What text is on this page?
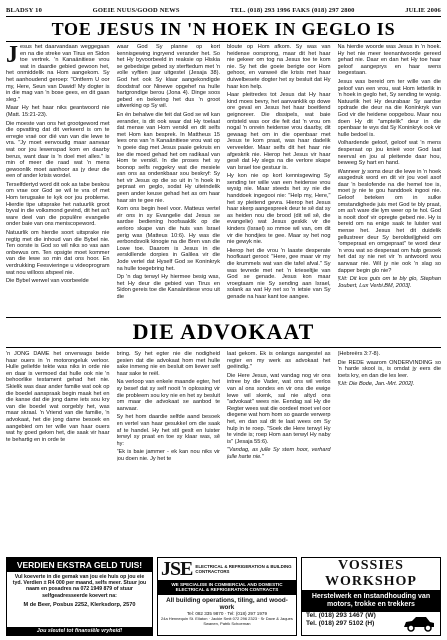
BLADSY 10	GOEIE NUUS/GOOD NEWS	TEL. (018) 293 1996 FAKS (018) 297 2800	JULIE 2006
TOE JESUS IN 'N HOEK IN GEGLO IS

Jesus het daarvandaan weggegaan en na die streke van Tirus en Sidon toe vertrek. 'n Kanaänitiese vrou wat in daardie gebied gewoon het, het onmiddelik na Hom aangekom. Sy het aanhoudend geroep: "Ontferm U oor my, Here, Seun van Dawid! My dogter is in die mag van 'n bose gees, en dit gaan sleg."

Maar Hy het haar niks geantwoord nie (Matt. 15:21-23).

Die moeste van ons het grootgeword met die opvatting dat dit verkeerd is om te erregie vraé oor dié van van die lewe te vra. "Jy moet eenvoudig maar aanvaar wat oor jou lewenspad kom en daarby berus, want daar is 'n doel met alles." is min of meer die raad wat 'n mens gewoonlik moet aanhoor as jy deur die een of ander krisis wordel.

Terselfdertyd word dit ook as tabe beskou om vrae oor God se wil te vra of met Hom terugsake te kyk oor jou probleme. Hierdie tipe uitsprake het natuurlik groot byval in die volksmond gevind, dit het as't ware deel van die populêre evangelie onder baie van ons meniscopeword.

Natuurlik om hierdie soort uitsprake nie regtig met die inhoud van die Bybel nie. Ten oorste is God so wil niks so vas aan onbewus om. Ten opsigte moet kommer van die lewe so min dat ons hoor. En verdrukking Feesvieringe u videoprogram wat nou willoos afspeel nie.

Die Bybel werwel van voorbeelde

waar God Sy planne op kort kennisgewing ingryend verander het. So het Hy byvoorbeeld in reaksie op Hiskia se gebedsige gebed sy sterftedum met 'n volle vyftien jaar uitgestel (Jesaja 38). God het ook Sy klaar aangekondigde doodstraf oor Ninewe opgehef na hulle hartgrondige berou (Jona 4). Dinge soos gebed en bekering het dus 'n groot uitwerking op Sy wil.

En én behalwe die feit dat God se wil kan verander, is dit ook waar dat Hy toelaat dat mense van Hom verskil en dit selfs met Hom kan besprek. In Mattheus 15 lees ons van 'n Kanaänitiese vrou wat op 'n goeie dag met Jesus paaie gekruis en toe die moed gehad het om radikaal van Hom te verskil. In die proses het sy boonop selfs reggekry wat die mesiele van ons as ondenkbaar sou beskryf: Sy het vir Jesus op die so uit in 'n hoek in gepraat en geglo, sodat Hy uiteindelik geen ander keuse gehad het as om haar haar sin te gee nie.

Kom ons begin heel voor. Matteus vertel vir ons in sy Evangelie dat Jesus se aardse bediening hoofsaaklik op die verloro skape van die huis van Israel gerig was (Matteus 10:6). Hy was die verbondsvolk kinogie na die Bren van die Lowe toe. Daarom is Jesus in die verskillende dorpies in Galilea vir die Jode vertel dat Hyself God se Koninkryk na hulle toegebring het.

Op 'n dag terwyl Hy hiermee besig was, het Hy deur die gebied van Tirus en Sidon gereis toe die Kanaänitiese vrou uit die

bloute op Hom afkom. Sy was van heidense oorsprong, maar dit het haar nie gekeer om tog na Jesus toe te kom nie. Sy het die goeie berigte oor Hom gehoor, en vanweë die krisis met haar duiwelbesete dogter het sy besluit dat Hy haar kon help.

Haar pleitredes tot Jesus dat Hy haar kind moes bevry, het aanvanklik op dowe ore geval en Jesus het haar boeitlend geignoreer. Die dissipels, wat baie ontsteld was oor die feit dat 'n vrou om nogal 'n onrein heidense vrou daarby, dit gewaag het om in die openbaar met Jesus te kom praat, was haar dadelik verveelder. Maar selfs dit het haar nie afgeskrik nie. Hierop het Jesus vir haar gesê dat Hy slegs na die verlore skape van Israel toe gestuur is.

Hy kon nie op kort kennisgewing Sy sending ter wille van een heidense vrou wysig nie. Maar steeds het sy nie die handdoek ingegooi nie: "Help my, Here," het sy pleitend gevra. Hierop het Jesus haar skerp aangespreek deur te sê dat sy as heiden nou die brood (dit wil sê, die evangelie) wat Jesus geskik vir die kinders (Israel) so mmoe wil van, om dit vir die hondjies te gee. Maar sy het nog nie gewyk nie.

Hierop het die vrou 'n laaste desperate hoofkaart gerooi: "Here, gee maar vir my die krummels wat van die tafel afval." Sy was tevrede met net 'n krieseltjie van God se genade. Jesus kon maar vroegtaam nie Sy sending aan Israel, solank as wat Hy net so 'n ietsie van Sy genade na haar kant toe aangee.

Na hierdie woorde was Jesus in 'n hoek. Hy het nie meer teenantwoorde gereed gehad nie. Daar en dan het Hy toe haar geloof aangeprys en haar wens toegestaan.

Jesus was bereid om ter wille van die geloof van een vrou, wat Hom letterlik in 'n hoek in geglo het, Sy sending te wysig. Natuurlik het Hy deurabaar Sy aardse opdrade die deur na die Koninkryk van God vir die heidene oopgebou. Maar nou doen Hy dit "amptelik" deur in die openbaar te wys dat Sy Koninkryk ook vir hulle bedoel is.

Volhardende geloof, geloof wat 'n mens desperaat op jou knieë voor God laat neerval en jou al pleitende daar hou, beweeg Sy hart en hand.

Wanneer jy soms deur die lewe in 'n hoek vasgedruk word en dit vir jou voel asof daar 'n beslofende na die hemel toe is, moet jy nie te gou handdoek ingooi nie. Geloof beteken om in sulke omstandighede juis met God te bly praat, om as't ware die lym weer op te hol. God is nooit doof vir opregte gebed nie. Hy is bereid om na enige saak te luister wat mense het. Jesus het dit duidelik gellustreer deur Sy beroldwiljgheid om "ompepraat en omgepraat" te word deur 'n vrou wat so desperaat om hulp gesoek het dat sy nie net vir 'n antwoord wou aanvaar nie. Wil jy nie ook 'n slag so dapper begin glo nie?

[Uit: Dit kos guts om te bly glo, Stephan Joubert, Lux Verbi.BM, 2003].

DIE ADVOKAAT

'n JONG DAME het onverwags beide haar ouers in 'n motorongeluk verloor. Hulle geliefde tekte was niks in orde nie en daar is vermoed dat hulle ook nie 'n behoorlike testament gehad het nie. Skielik was daar ander familie wat ook op die boedel aanspraak begin maak het en die kanse dat die jong dame iets sou kry van die boedel wat oorgebly het, was maar skraal. 'n Vriend van die familie, 'n advokaat, het die jong dame besoek en aangebied om ter wille van haar ouers wat hy goed geken het, die saak vir haar te behartig en in orde te

bring. Sy het egter nie die nodigheid gesien dat die advokaat hom met hulle sake inmeng nie en besluit om liewer self haar sake te reël.

Na verloop van enkele maande egter, het sy besef dat sy self nooit 'n oplossing vir die probleem sou kry nie en het sy besluit om maar die advokaat se aanbod te aanvaar.

Sy het hom daardie selfde aand besoek en vertel van haar gesukkel om die saak af te handel. Hy het stil geslt en luister terwyl sy praat en toe sy klaar was, sê hy:

"Ek is baie jammer - ek kan nou niks vir jou doen nie. Jy het te

laat gekom. Ek is onlangs aangestel as regter en my werk as advokaat het geëindig."

Die Here Jesus, wat vandag nog vir ons intree by die Vader, wat ons wil verlos van al ons sondes en vir ons die ewige lewe wil skenk, sal nie altyd ons "advokaat" wees nie. Eendag sal Hy die Regter wees wat die oordeel moet vel oor diegene wat hom hom so gaarde verwerp het, en dan sal dit te laat wees om Sy hulp in te roep. "Soek die Here terwyl Hy te vinde is; roep Hom aan terwyl Hy naby is" (Jesaja 55:6).

"Vandag, as julle Sy stem hoor, verhard julle harte nie."

(Hebreërs 3:7-8).

Die REDE waarom ONDERVINDING so 'n harde skool is, is omdat jy eers die toets kry, en dan die les leer.

[Uit: Die Bode, Jan.-Mrt. 2002].

VERDIEN EKSTRA GELD TUIS!
Vul koeverte in die gemak van jou eie huis op jou eie tyd. Verdien ± R4 000 per maand, selfs meer. Stuur jou naam en posadres na 072 1949 879 of stuur selfgeadresseerde koevert na:
M de Beer, Posbus 2252, Klerksdorp, 2570
Jou sleutel tot finansiële vryheid!
JSE ELECTRICAL & REFRIGERATION & BUILDING CONTRACTORS
WE SPECIALISE IN COMMERCIAL AND DOMESTIC ELECTRICAL & REFRIGERATION CONTRACTS
All building operations, tiling, and wood-work
Tel: 082 335 9870 · Tel: (018) 297 1979
24a Hennequin St. Ellaton · Jackie Smit 072 296 2323 · Sr Dave & Jaques Swanen, Patrik Schoeman
VOSSIES WORKSHOP
Herstelwerk en Instandhouding van motors, trokke en trekkers
Tel. (018) 293 1467 (W)
Tel. (018) 297 5102 (H)
